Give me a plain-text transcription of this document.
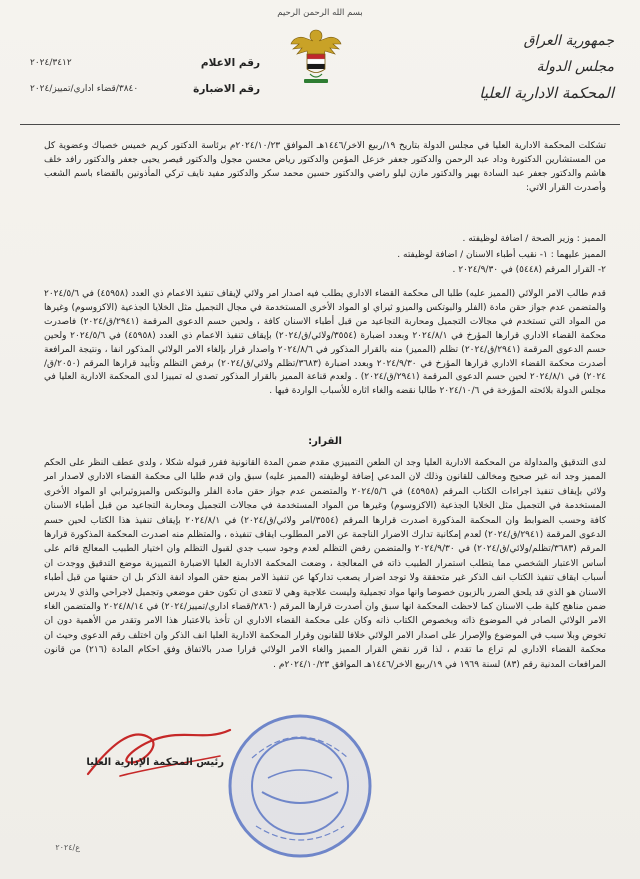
بسم الله الرحمن الرحيم
جمهورية العراق
مجلس الدولة
المحكمة الادارية العليا
رقم الاعلام
٢٠٢٤/٣٤١٢
رقم الاضبارة
٣٨٤٠/قضاء اداري/تمييز/٢٠٢٤
تشكلت المحكمة الادارية العليا في مجلس الدولة بتاريخ ١٩/ربيع الاخر/١٤٤٦هـ الموافق ٢٠٢٤/١٠/٢٣م برئاسة الدكتور كريم خميس خصباك وعضوية كل من المستشارين الدكتورة وداد عبد الرحمن والدكتور جعفر خزعل المؤمن والدكتور رياض محسن مجول والدكتور قيصر يحيى جعفر والدكتور رافد خلف هاشم والدكتور جعفر عبد السادة بهير والدكتور مازن ليلو راضي والدكتور حسين محمد سكر والدكتور مفيد نايف تركي المأذونين بالقضاء باسم الشعب وأصدرت القرار الاتي:
المميز : وزير الصحة / اضافة لوظيفته .
المميز عليهما : ١- نقيب أطباء الاسنان / اضافة لوظيفته .
٢- القرار المرقم (٥٤٤٨) في ٢٠٢٤/٩/٣٠ .
قدم طالب الامر الولائي (المميز عليه) طلبا الى محكمة القضاء الاداري يطلب فيه اصدار امر ولائي لإيقاف تنفيذ الاعمام ذي العدد (٤٥٩٥٨) في ٢٠٢٤/٥/٦ والمتضمن عدم جواز حقن مادة (الفلر والبوتكس والميزو ثيراي او المواد الأخرى المستخدمة في مجال التجميل مثل الخلايا الجذعية (الاكزوسوم) وغيرها من المواد التي تستخدم في مجالات التجميل ومحاربة التجاعيد من قبل أطباء الاسنان كافة ، ولحين حسم الدعوى المرقمة (٢٩٤١/ق/٢٠٢٤) فاصدرت محكمة القضاء الاداري قرارها المؤرخ في ٢٠٢٤/٨/١ وبعدد اضبارة (٣٥٥٤/ولائي/ق/٢٠٢٤) بإيقاف تنفيذ الاعمام ذي العدد (٤٥٩٥٨) في ٢٠٢٤/٥/٦ ولحين حسم الدعوى المرقمة (٢٩٤١/ق/٢٠٢٤) تظلم (المميز) منه بالقرار المذكور في ٢٠٢٤/٨/٦ واصدار قرار بإلغاء الامر الولائي المذكور انفا ، ونتيجة المرافعة أصدرت محكمة القضاء الاداري قرارها المؤرخ في ٢٠٢٤/٩/٣٠ وبعدد اضبارة (٣٦٨٣/تظلم ولائي/ق/٢٠٢٤) برفض التظلم وتأييد قرارها المرقم (٢٠٥٠/ق/٢٠٢٤) في ٢٠٢٤/٨/١ لحين حسم الدعوى المرقمة (٢٩٤١/ق/٢٠٢٤) . ولعدم قناعة المميز بالقرار المذكور تصدى له تمييزا لدى المحكمة الادارية العليا في مجلس الدولة بلائحته المؤرخة في ٢٠٢٤/١٠/٦ طالبا نقضه والغاء اثاره للأسباب الواردة فيها .
القرار:
لدى التدقيق والمداولة من المحكمة الادارية العليا وجد ان الطعن التمييزي مقدم ضمن المدة القانونية فقرر قبوله شكلا ، ولدى عطف النظر على الحكم المميز وجد انه غير صحيح ومخالف للقانون وذلك لان المدعي إضافة لوظيفته (المميز عليه) سبق وان قدم طلبا الى محكمة القضاء الاداري لاصدار امر ولائي بإيقاف تنفيذ اجراءات الكتاب المرقم (٤٥٩٥٨) في ٢٠٢٤/٥/٦ والمتضمن عدم جواز حقن مادة الفلر والبوتكس والميزوثيرابي او المواد الأخرى المستخدمة في التجميل مثل الخلايا الجذعية (الاكزوسوم) وغيرها من المواد المستخدمة في مجالات التجميل ومحاربة التجاعيد من قبل أطباء الاسنان كافة وحسب الضوابط وان المحكمة المذكورة اصدرت قرارها المرقم (٣٥٥٤/امر ولائي/ق/٢٠٢٤) في ٢٠٢٤/٨/١ بإيقاف تنفيذ هذا الكتاب لحين حسم الدعوى المرقمة (٢٩٤١/ق/٢٠٢٤) لعدم إمكانية تدارك الاضرار الناجمة عن الامر المطلوب ايقاف تنفيذه ، والمتظلم منه اصدرت المحكمة المذكورة قرارها المرقم (٣٦٨٣/تظلم/ولائي/ق/٢٠٢٤) في ٢٠٢٤/٩/٣٠ والمتضمن رفض التظلم لعدم وجود سبب جدي لقبول التظلم وان اختيار الطبيب المعالج قائم على أساس الاعتبار الشخصي مما يتطلب استمرار الطبيب ذاته في المعالجة ، وضعت المحكمة الادارية العليا الاضبارة التمييزية موضع التدقيق ووجدت ان أسباب ايقاف تنفيذ الكتاب انف الذكر غير متحققة ولا توجد اضرار يصعب تداركها عن تنفيذ الامر بمنع حقن المواد انفة الذكر بل ان حقنها من قبل أطباء الاسنان هو الذي قد يلحق الضرر بالزبون خصوصا وانها مواد تجميلية وليست علاجية وهي لا تتعدى ان تكون حقن موضعي وتجميل لاجراحي والذي لا يدرس ضمن مناهج كلية طب الاسنان كما لاحظت المحكمة انها سبق وان أصدرت قرارها المرقم (٢٨٦٠/قضاء اداري/تمييز/٢٠٢٤) في ٢٠٢٤/٨/١٤ والمتضمن الغاء الامر الولائي الصادر في الموضوع ذاته وبخصوص الكتاب ذاته وكان على محكمة القضاء الاداري ان تأخذ بالاعتبار هذا الامر وتقدر من الأهمية دون ان تخوض وبلا سبب في الموضوع والإصرار على اصدار الامر الولائي خلافا للقانون وقرار المحكمة الادارية العليا انف الذكر وان اختلف رقم الدعوى وحيث ان محكمة القضاء الاداري لم تراع ما تقدم ، لذا قرر نقض القرار المميز والغاء الامر الولائي قرارا صدر بالاتفاق وفق احكام المادة (٢١٦) من قانون المرافعات المدنية رقم (٨٣) لسنة ١٩٦٩ في ١٩/ربيع الاخر/١٤٤٦هـ الموافق ٢٠٢٤/١٠/٢٣م .
رئيس المحكمة الإدارية العليا
ع/٢٠٢٤
